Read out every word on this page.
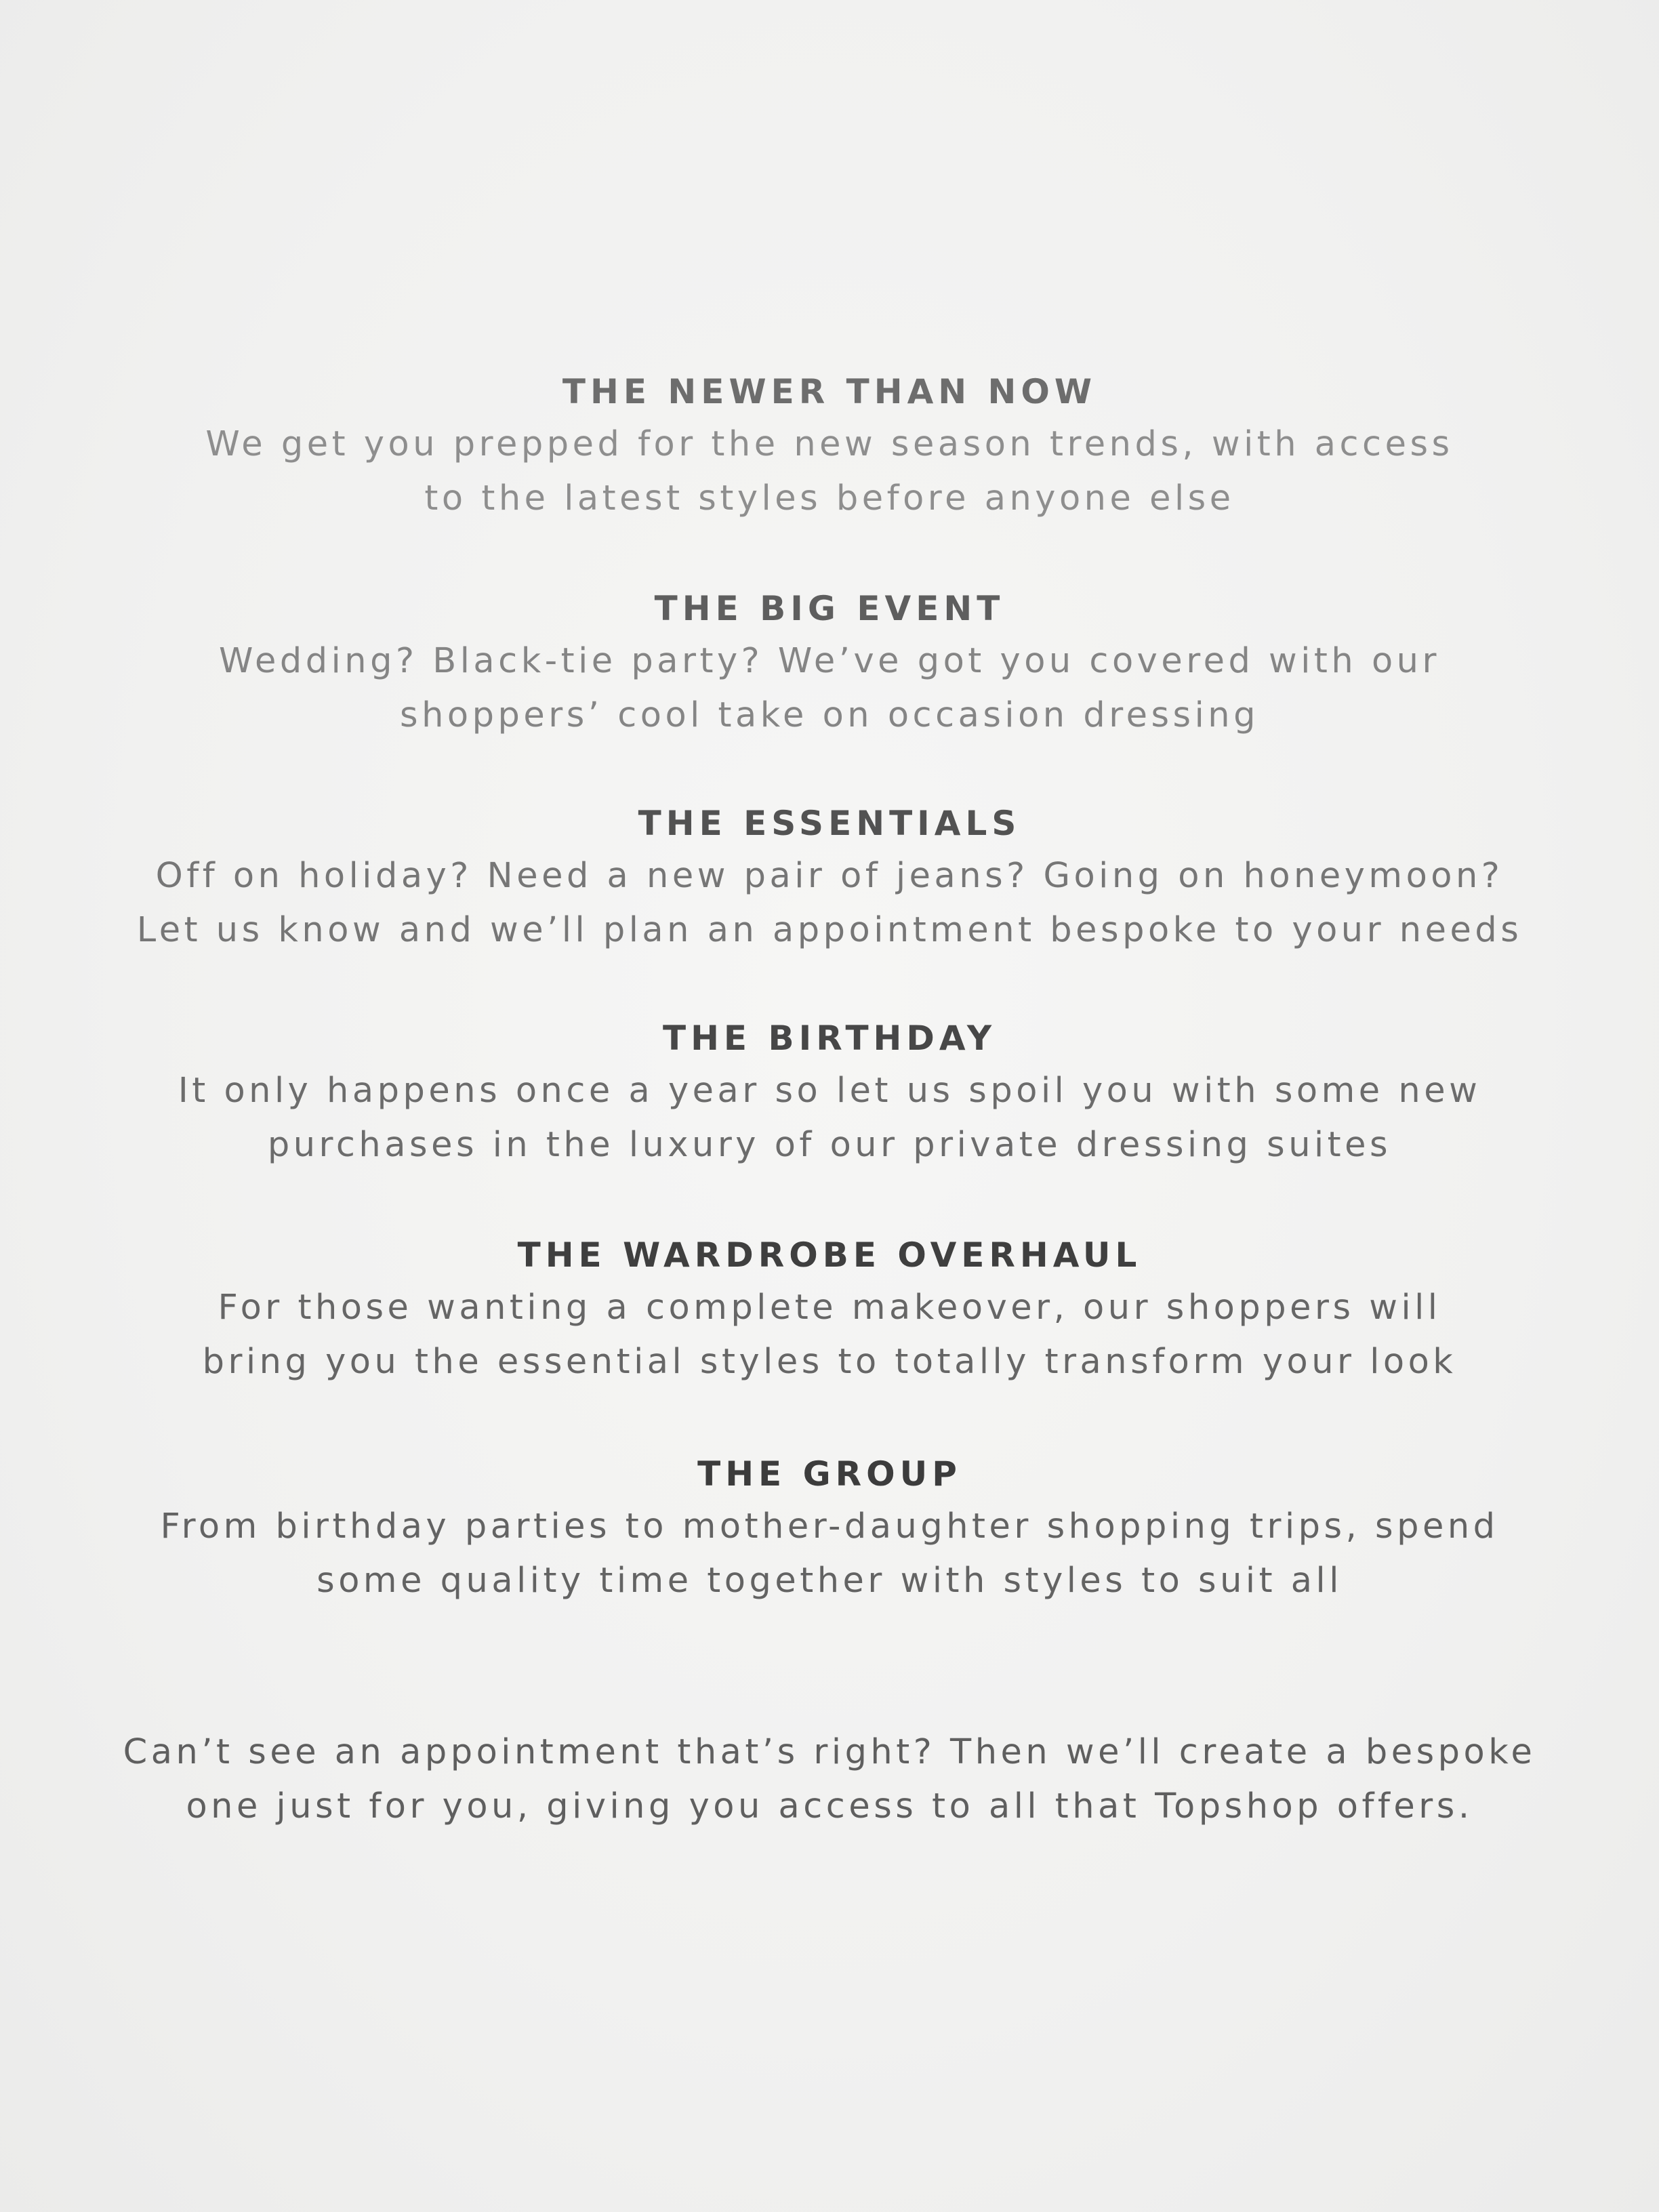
THE NEWER THAN NOW

We get you prepped for the new season trends, with access

to the latest styles before anyone else

THE BIG EVENT

Wedding? Black-tie party? We’ve got you covered with our

shoppers’ cool take on occasion dressing

THE ESSENTIALS

Off on holiday? Need a new pair of jeans? Going on honeymoon?

Let us know and we’ll plan an appointment bespoke to your needs

THE BIRTHDAY

It only happens once a year so let us spoil you with some new

purchases in the luxury of our private dressing suites

THE WARDROBE OVERHAUL

For those wanting a complete makeover, our shoppers will

bring you the essential styles to totally transform your look

THE GROUP

From birthday parties to mother-daughter shopping trips, spend

some quality time together with styles to suit all

Can’t see an appointment that’s right? Then we’ll create a bespoke

one just for you, giving you access to all that Topshop offers.
